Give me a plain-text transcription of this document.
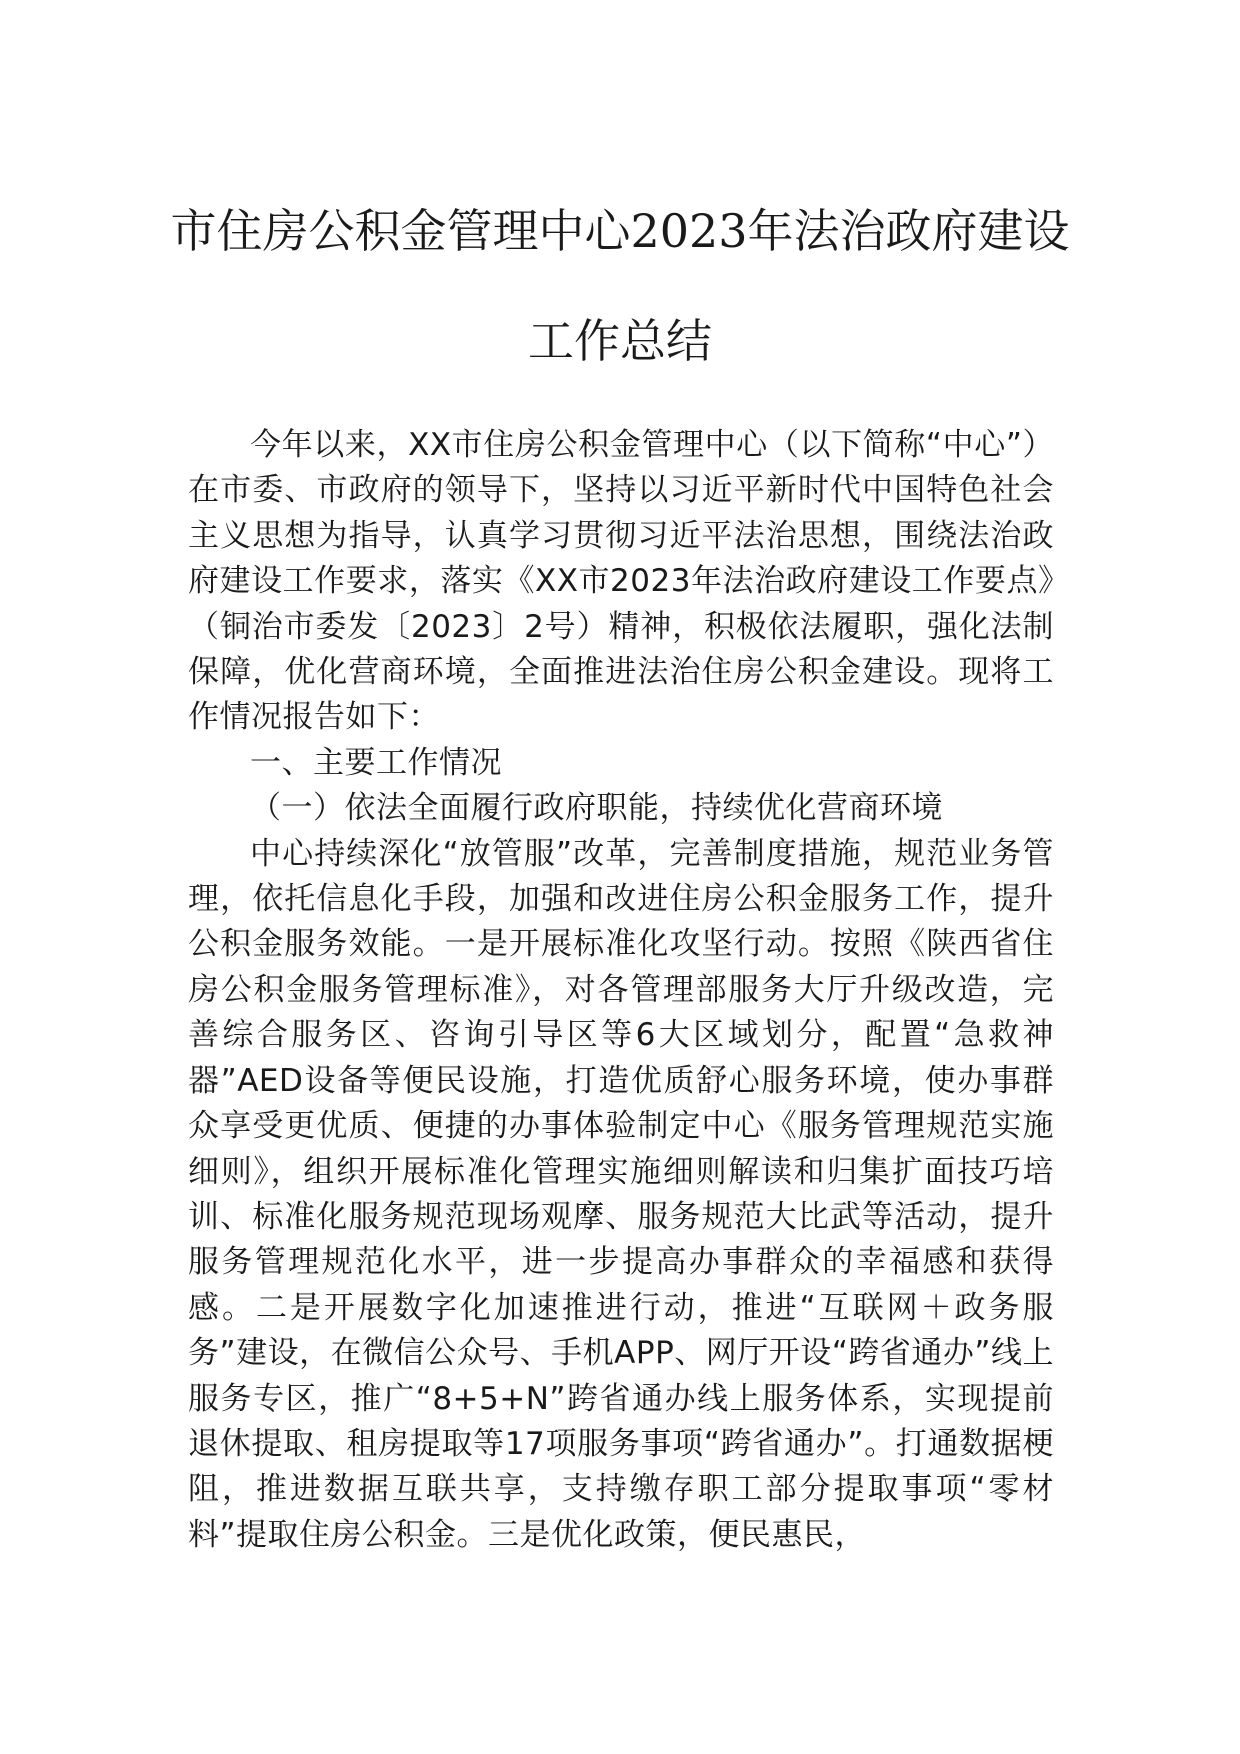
市住房公积金管理中心2023年法治政府建设工作总结

今年以来，XX市住房公积金管理中心（以下简称“中心”）在市委、市政府的领导下，坚持以习近平新时代中国特色社会主义思想为指导，认真学习贯彻习近平法治思想，围绕法治政府建设工作要求，落实《XX市2023年法治政府建设工作要点》（铜治市委发〔2023〕2号）精神，积极依法履职，强化法制保障，优化营商环境，全面推进法治住房公积金建设。现将工作情况报告如下：

一、主要工作情况

（一）依法全面履行政府职能，持续优化营商环境

中心持续深化“放管服”改革，完善制度措施，规范业务管理，依托信息化手段，加强和改进住房公积金服务工作，提升公积金服务效能。一是开展标准化攻坚行动。按照《陕西省住房公积金服务管理标准》，对各管理部服务大厅升级改造，完善综合服务区、咨询引导区等6大区域划分，配置“急救神器”AED设备等便民设施，打造优质舒心服务环境，使办事群众享受更优质、便捷的办事体验制定中心《服务管理规范实施细则》，组织开展标准化管理实施细则解读和归集扩面技巧培训、标准化服务规范现场观摩、服务规范大比武等活动，提升服务管理规范化水平，进一步提高办事群众的幸福感和获得感。二是开展数字化加速推进行动，推进“互联网＋政务服务”建设，在微信公众号、手机APP、网厅开设“跨省通办”线上服务专区，推广“8+5+N”跨省通办线上服务体系，实现提前退休提取、租房提取等17项服务事项“跨省通办”。打通数据梗阻，推进数据互联共享，支持缴存职工部分提取事项“零材料”提取住房公积金。三是优化政策，便民惠民，
